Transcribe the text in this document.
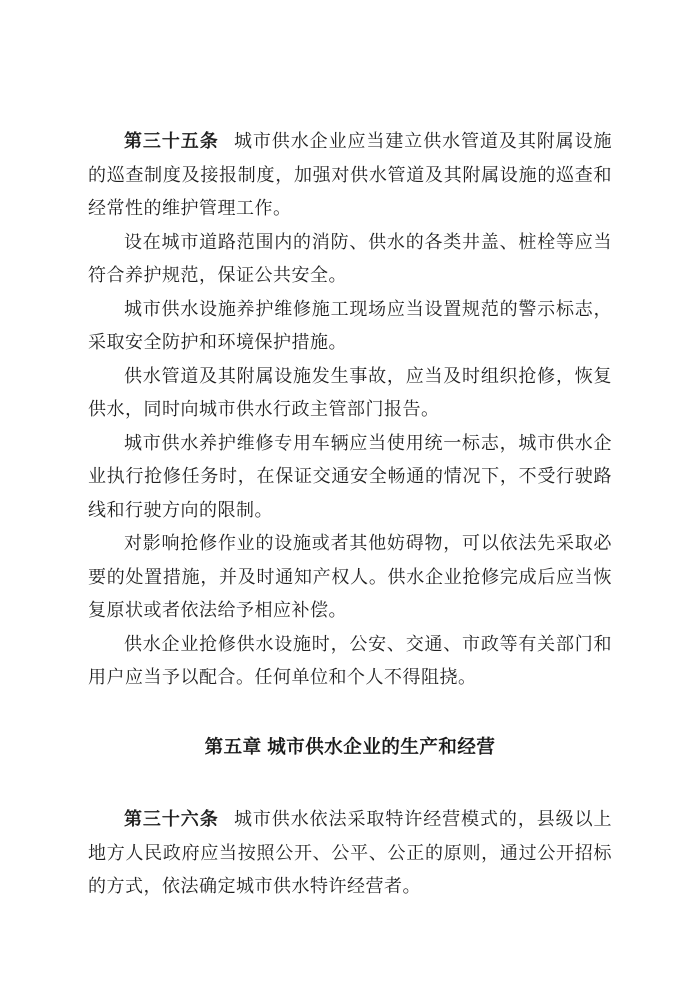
第三十五条 城市供水企业应当建立供水管道及其附属设施的巡查制度及接报制度，加强对供水管道及其附属设施的巡查和经常性的维护管理工作。

设在城市道路范围内的消防、供水的各类井盖、桩栓等应当符合养护规范，保证公共安全。

城市供水设施养护维修施工现场应当设置规范的警示标志，采取安全防护和环境保护措施。

供水管道及其附属设施发生事故，应当及时组织抢修，恢复供水，同时向城市供水行政主管部门报告。

城市供水养护维修专用车辆应当使用统一标志，城市供水企业执行抢修任务时，在保证交通安全畅通的情况下，不受行驶路线和行驶方向的限制。

对影响抢修作业的设施或者其他妨碍物，可以依法先采取必要的处置措施，并及时通知产权人。供水企业抢修完成后应当恢复原状或者依法给予相应补偿。

供水企业抢修供水设施时，公安、交通、市政等有关部门和用户应当予以配合。任何单位和个人不得阻挠。

第五章 城市供水企业的生产和经营

第三十六条 城市供水依法采取特许经营模式的，县级以上地方人民政府应当按照公开、公平、公正的原则，通过公开招标的方式，依法确定城市供水特许经营者。
